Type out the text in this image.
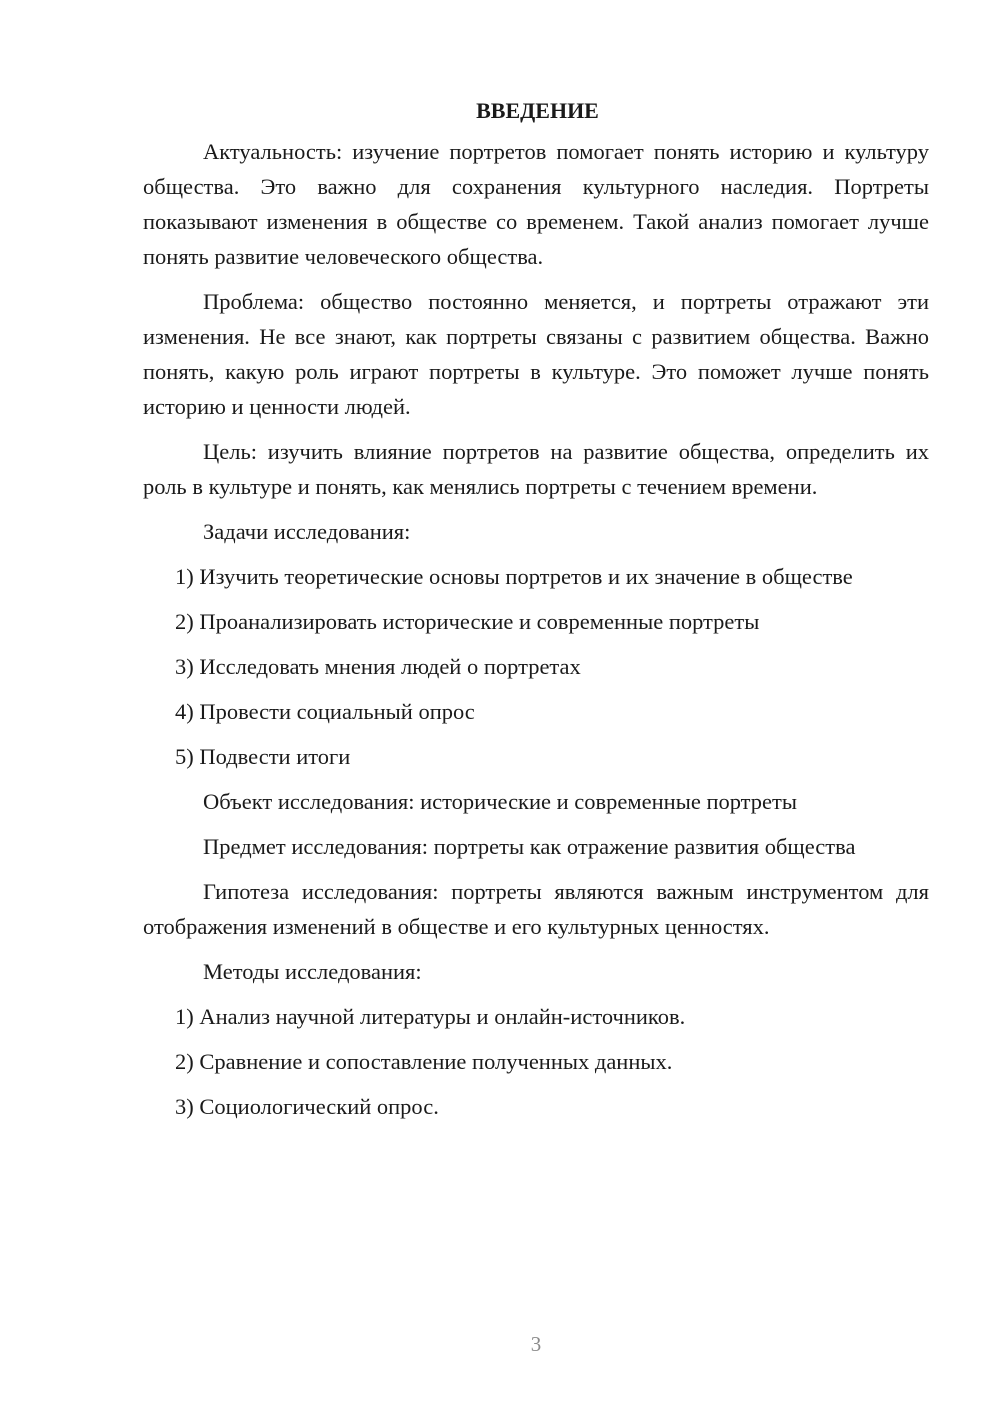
ВВЕДЕНИЕ

Актуальность: изучение портретов помогает понять историю и культуру общества. Это важно для сохранения культурного наследия. Портреты показывают изменения в обществе со временем. Такой анализ помогает лучше понять развитие человеческого общества.

Проблема: общество постоянно меняется, и портреты отражают эти изменения. Не все знают, как портреты связаны с развитием общества. Важно понять, какую роль играют портреты в культуре. Это поможет лучше понять историю и ценности людей.

Цель: изучить влияние портретов на развитие общества, определить их роль в культуре и понять, как менялись портреты с течением времени.

Задачи исследования:
1) Изучить теоретические основы портретов и их значение в обществе
2) Проанализировать исторические и современные портреты
3) Исследовать мнения людей о портретах
4) Провести социальный опрос
5) Подвести итоги
Объект исследования: исторические и современные портреты
Предмет исследования: портреты как отражение развития общества

Гипотеза исследования: портреты являются важным инструментом для отображения изменений в обществе и его культурных ценностях.

Методы исследования:
1) Анализ научной литературы и онлайн-источников.
2) Сравнение и сопоставление полученных данных.
3) Социологический опрос.
3
